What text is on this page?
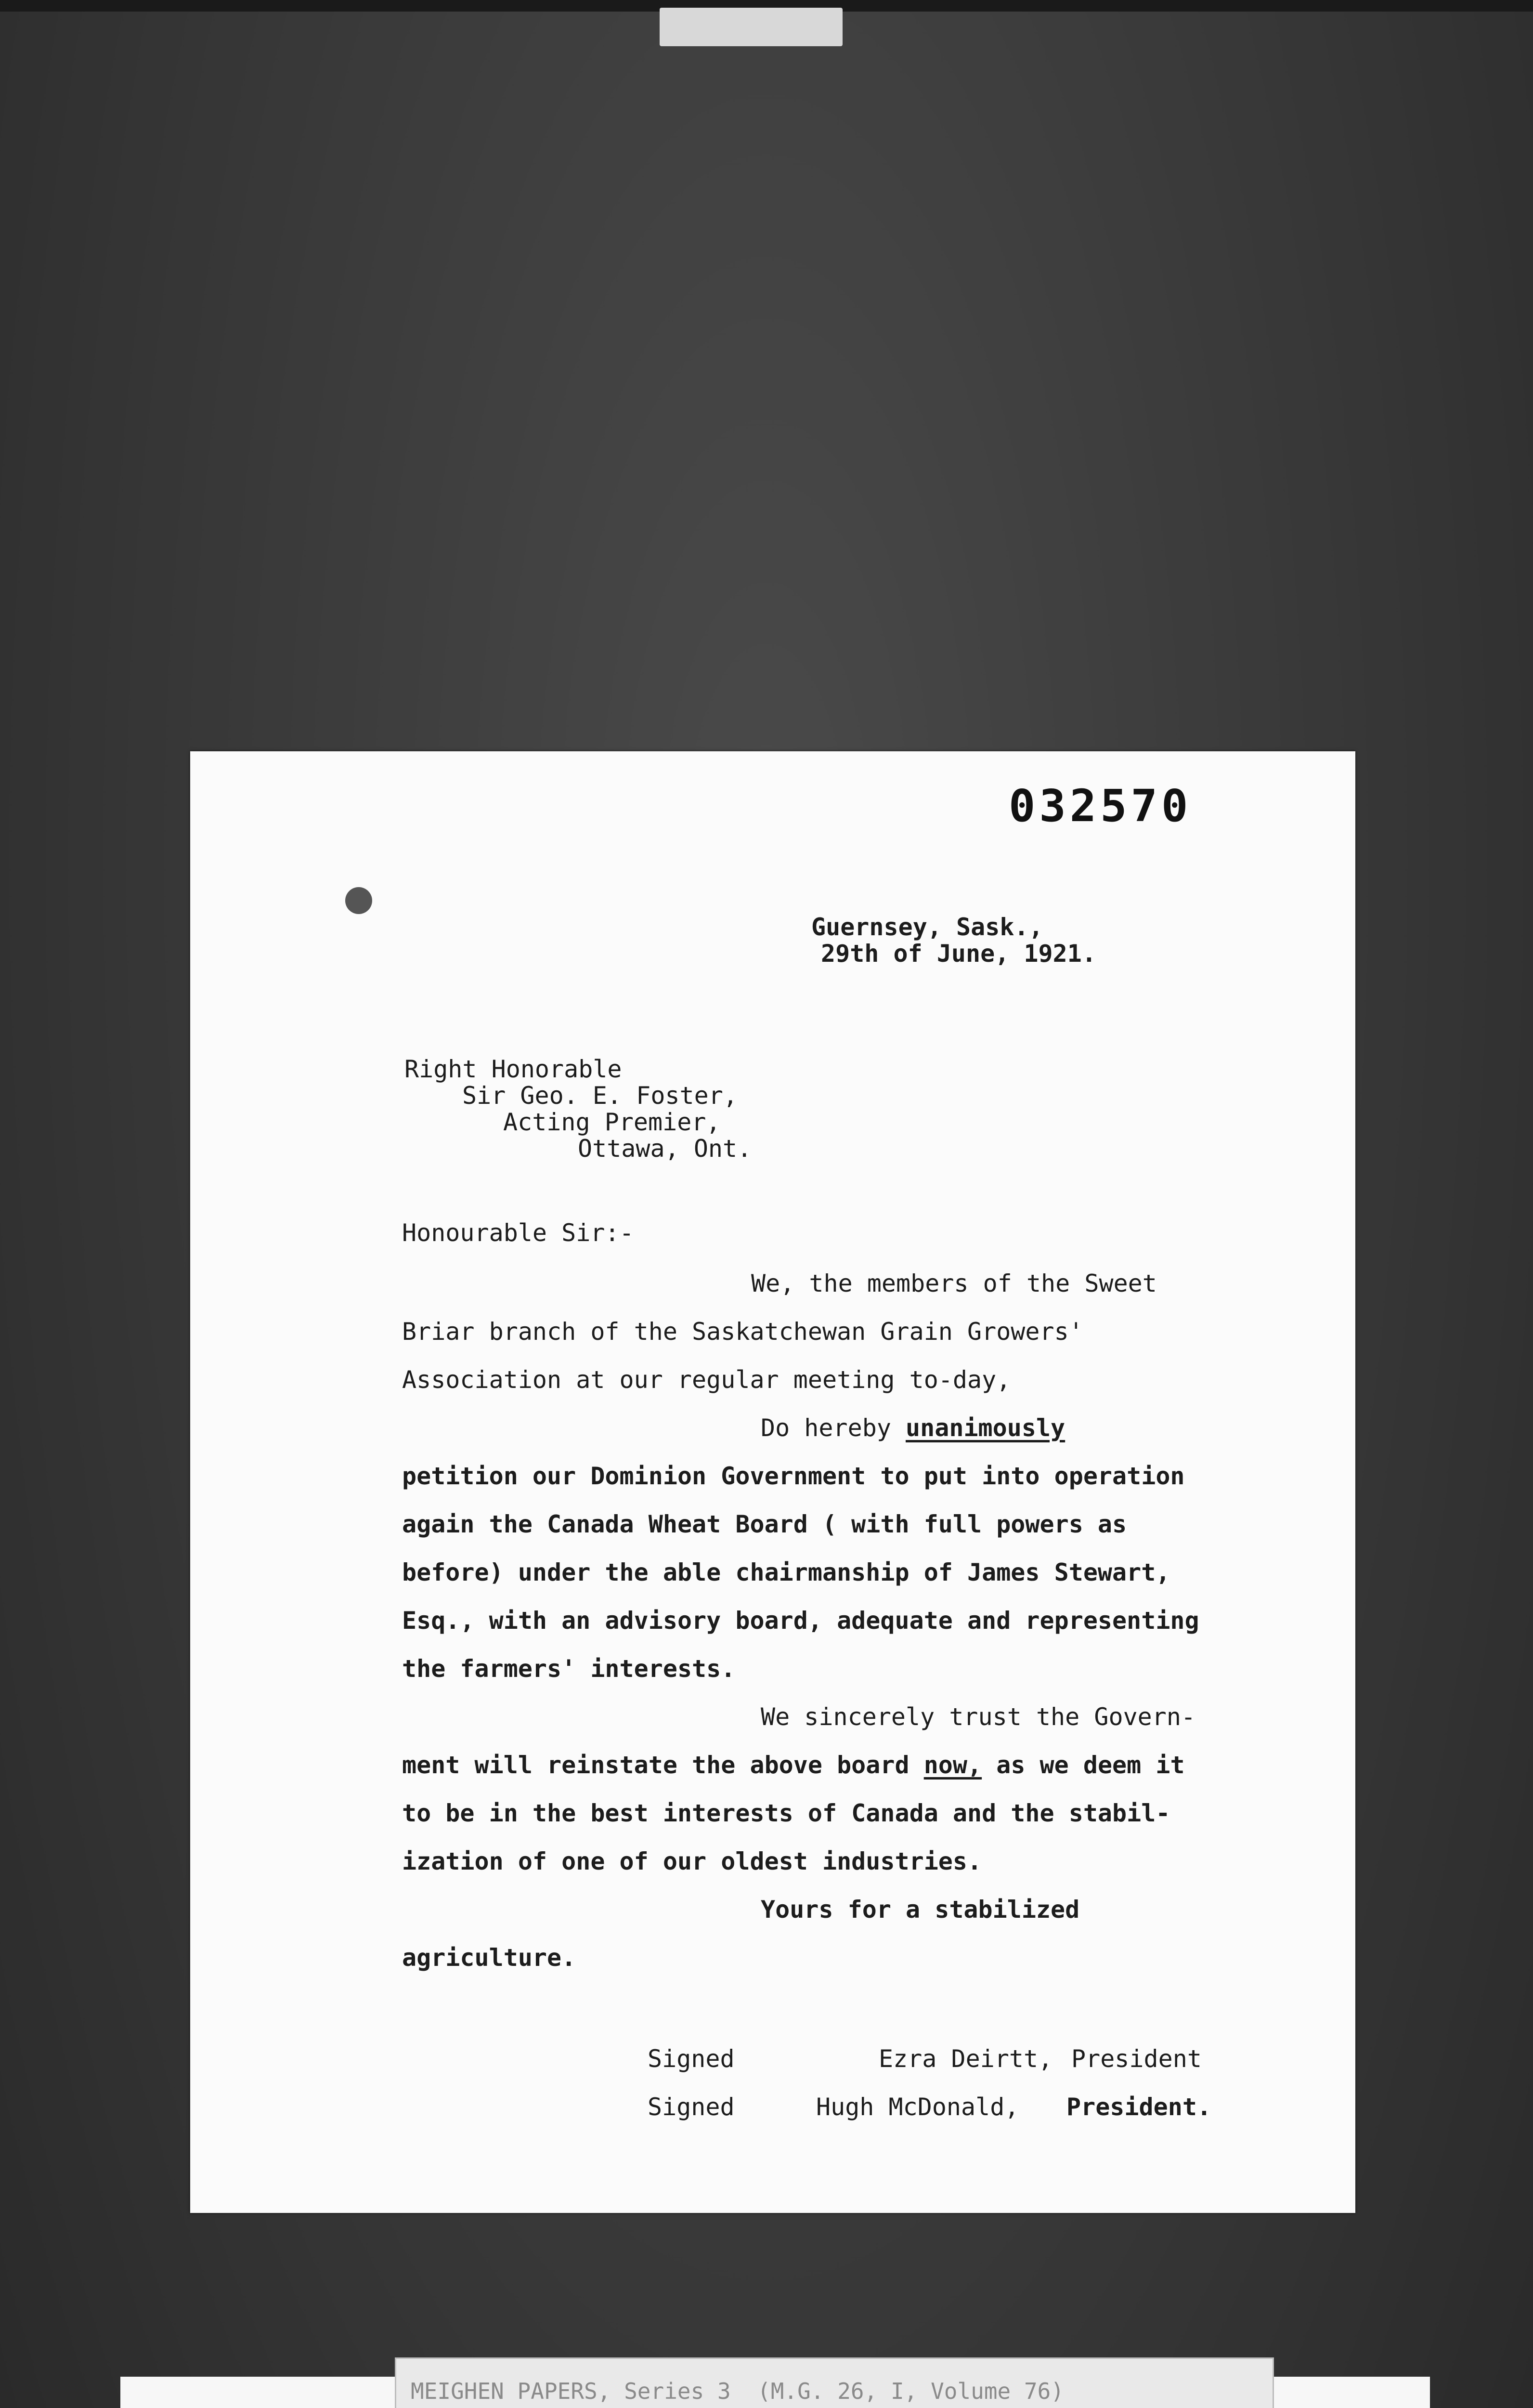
032570
Guernsey, Sask.,
29th of June, 1921.
Right Honorable
Sir Geo. E. Foster,
Acting Premier,
Ottawa, Ont.
Honourable Sir:-
We, the members of the Sweet
Briar branch of the Saskatchewan Grain Growers'
Association at our regular meeting to-day,
Do hereby unanimously
petition our Dominion Government to put into operation
again the Canada Wheat Board ( with full powers as
before) under the able chairmanship of James Stewart,
Esq., with an advisory board, adequate and representing
the farmers' interests.
We sincerely trust the Govern-
ment will reinstate the above board now, as we deem it
to be in the best interests of Canada and the stabil-
ization of one of our oldest industries.
Yours for a stabilized
agriculture.
Signed	Ezra Deirtt, President
Signed	Hugh McDonald, President.
MEIGHEN PAPERS, Series 3  (M.G. 26, I, Volume 76)
